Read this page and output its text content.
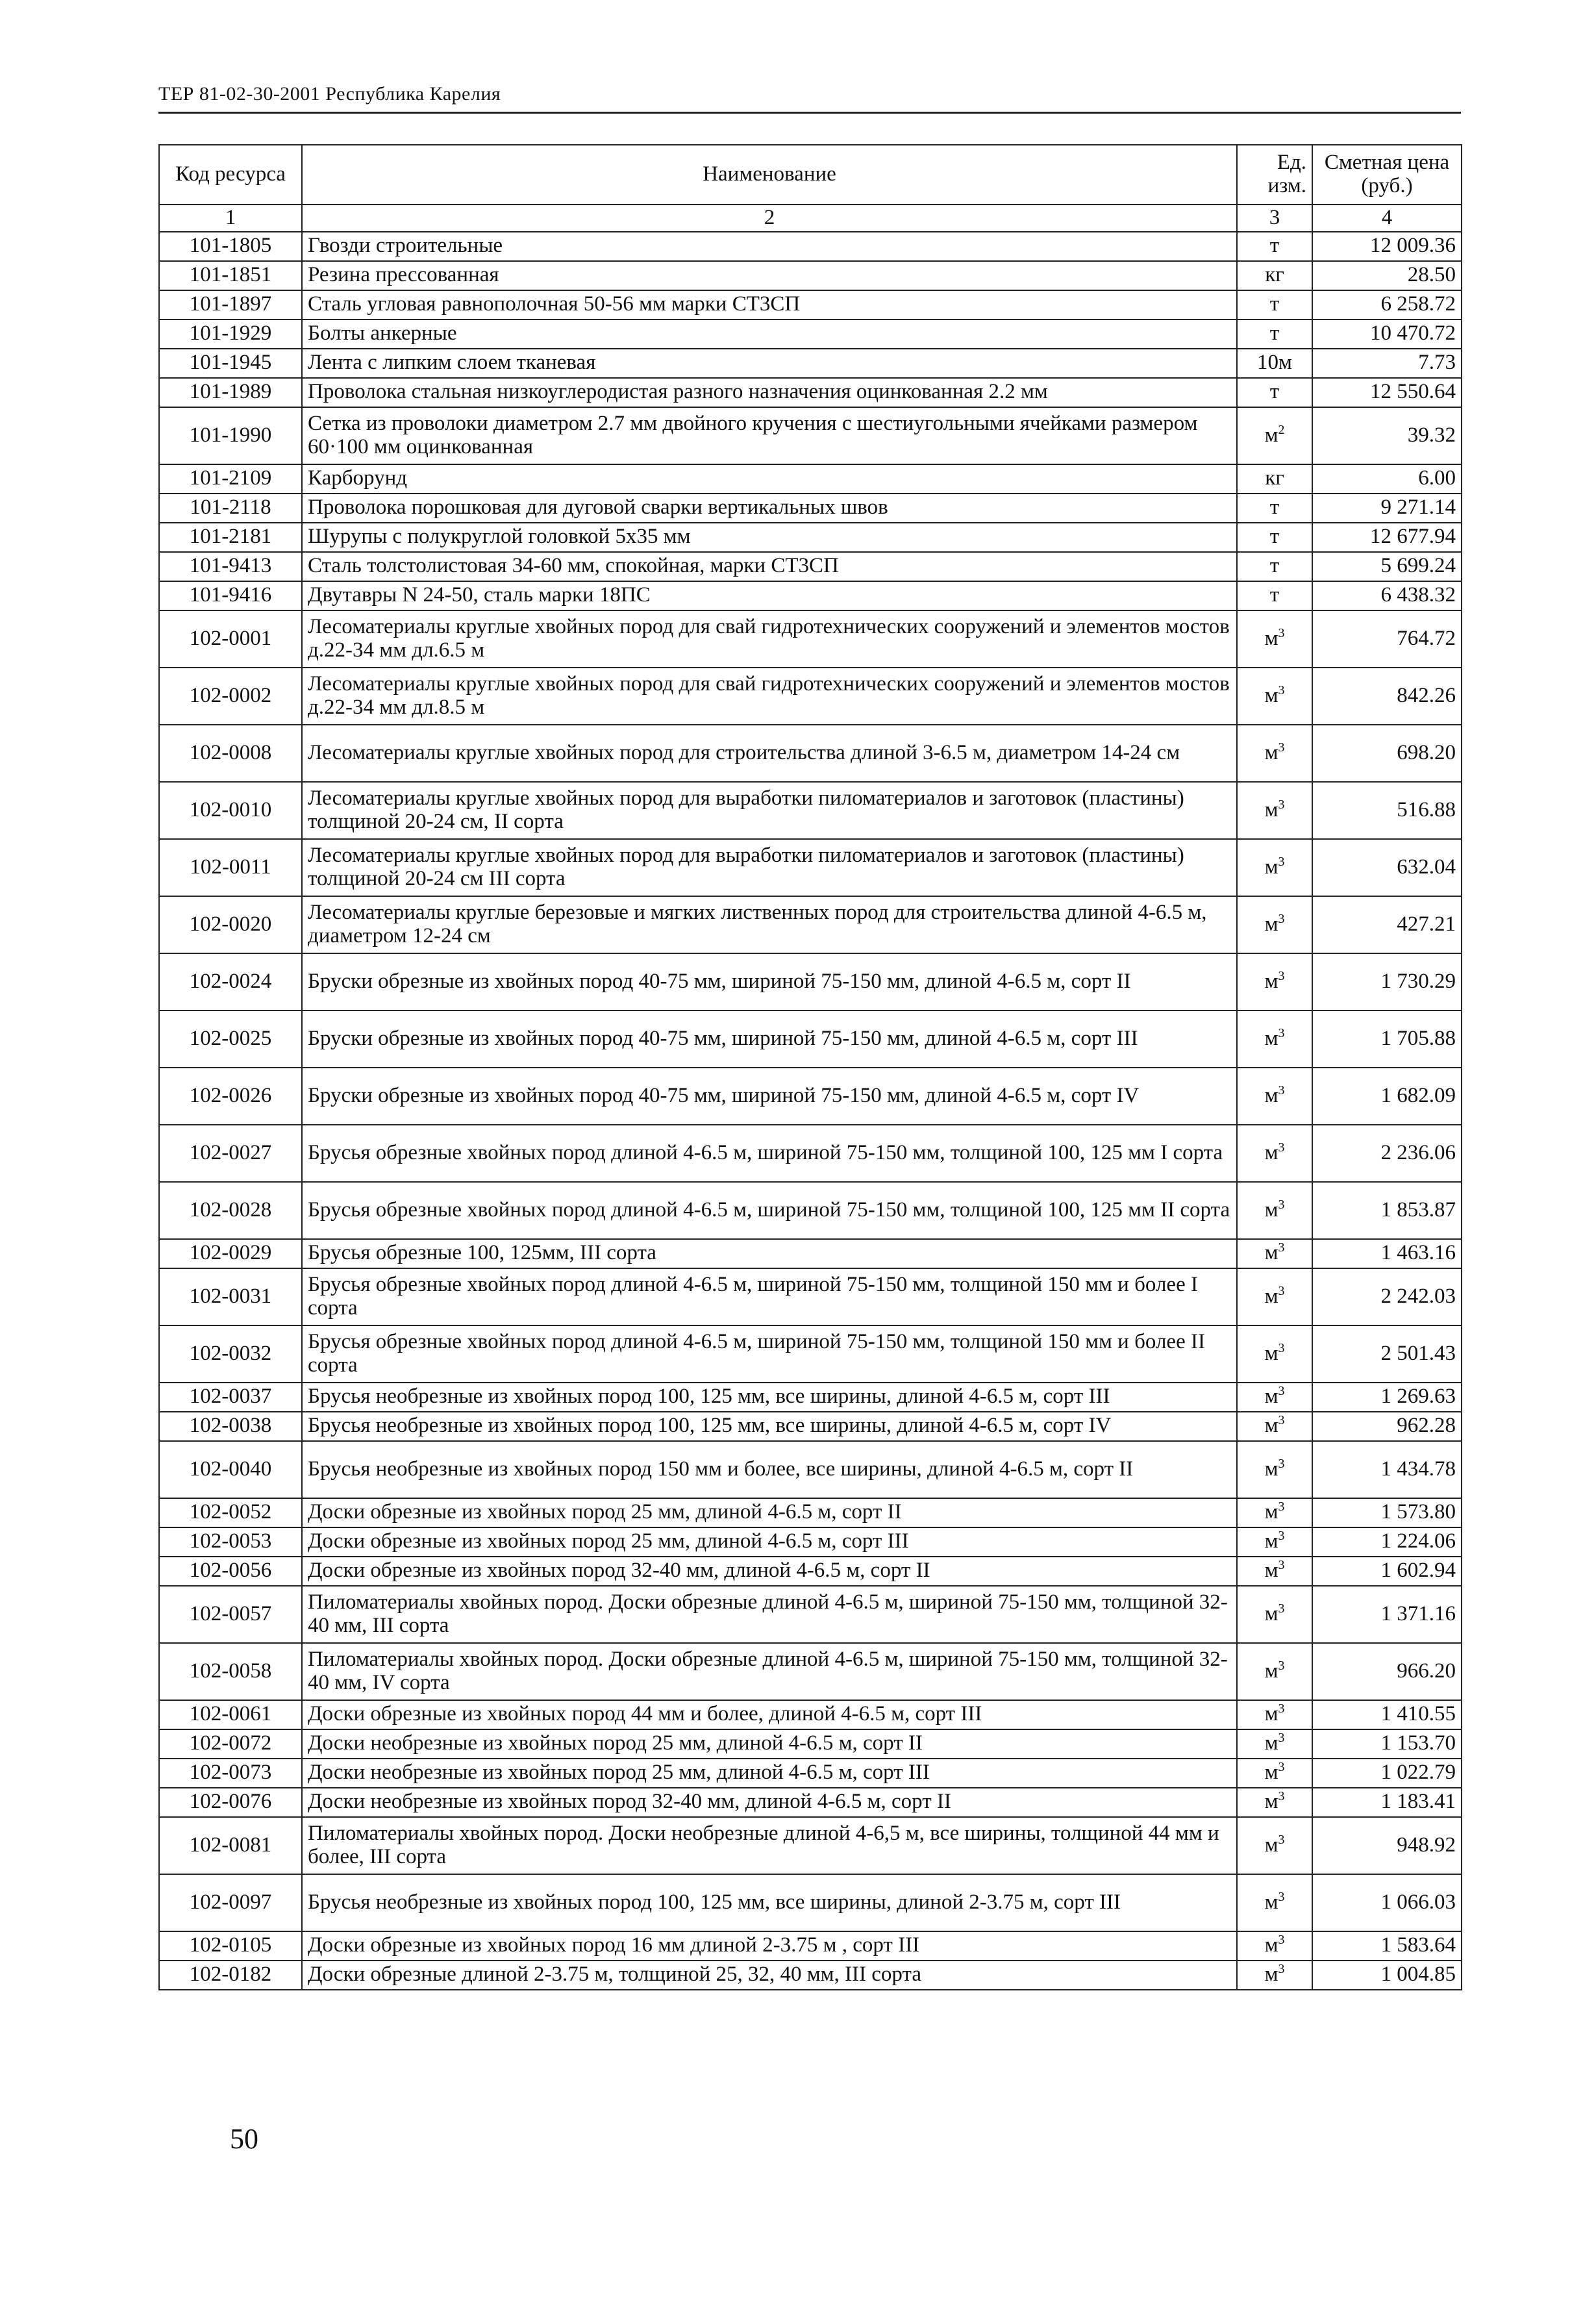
ТЕР 81-02-30-2001 Республика Карелия
Код ресурса	Наименование	Ед. изм.	Сметная цена (руб.)
1	2	3	4
101-1805	Гвозди строительные	т	12 009.36
101-1851	Резина прессованная	кг	28.50
101-1897	Сталь угловая равнополочная 50-56 мм марки СТ3СП	т	6 258.72
101-1929	Болты анкерные	т	10 470.72
101-1945	Лента с липким слоем тканевая	10м	7.73
101-1989	Проволока стальная низкоуглеродистая разного назначения оцинкованная 2.2 мм	т	12 550.64
101-1990	Сетка из проволоки диаметром 2.7 мм двойного кручения с шестиугольными ячейками размером 60·100 мм оцинкованная	$м^2$	39.32
101-2109	Карборунд	кг	6.00
101-2118	Проволока порошковая для дуговой сварки вертикальных швов	т	9 271.14
101-2181	Шурупы с полукруглой головкой 5х35 мм	т	12 677.94
101-9413	Сталь толстолистовая 34-60 мм, спокойная, марки СТ3СП	т	5 699.24
101-9416	Двутавры N 24-50, сталь марки 18ПС	т	6 438.32
102-0001	Лесоматериалы круглые хвойных пород для свай гидротехнических сооружений и элементов мостов д.22-34 мм дл.6.5 м	$м^3$	764.72
102-0002	Лесоматериалы круглые хвойных пород для свай гидротехнических сооружений и элементов мостов д.22-34 мм дл.8.5 м	$м^3$	842.26
102-0008	Лесоматериалы круглые хвойных пород для строительства длиной 3-6.5 м, диаметром 14-24 см	$м^3$	698.20
102-0010	Лесоматериалы круглые хвойных пород для выработки пиломатериалов и заготовок (пластины) толщиной 20-24 см, II сорта	$м^3$	516.88
102-0011	Лесоматериалы круглые хвойных пород для выработки пиломатериалов и заготовок (пластины) толщиной 20-24 см III сорта	$м^3$	632.04
102-0020	Лесоматериалы круглые березовые и мягких лиственных пород для строительства длиной 4-6.5 м, диаметром 12-24 см	$м^3$	427.21
102-0024	Бруски обрезные из хвойных пород 40-75 мм, шириной 75-150 мм, длиной 4-6.5 м, сорт II	$м^3$	1 730.29
102-0025	Бруски обрезные из хвойных пород 40-75 мм, шириной 75-150 мм, длиной 4-6.5 м, сорт III	$м^3$	1 705.88
102-0026	Бруски обрезные из хвойных пород 40-75 мм, шириной 75-150 мм, длиной 4-6.5 м, сорт IV	$м^3$	1 682.09
102-0027	Брусья обрезные хвойных пород длиной 4-6.5 м, шириной 75-150 мм, толщиной 100, 125 мм I сорта	$м^3$	2 236.06
102-0028	Брусья обрезные хвойных пород длиной 4-6.5 м, шириной 75-150 мм, толщиной 100, 125 мм II сорта	$м^3$	1 853.87
102-0029	Брусья обрезные 100, 125мм, III сорта	$м^3$	1 463.16
102-0031	Брусья обрезные хвойных пород длиной 4-6.5 м, шириной 75-150 мм, толщиной 150 мм и более I сорта	$м^3$	2 242.03
102-0032	Брусья обрезные хвойных пород длиной 4-6.5 м, шириной 75-150 мм, толщиной 150 мм и более II сорта	$м^3$	2 501.43
102-0037	Брусья необрезные из хвойных пород 100, 125 мм, все ширины, длиной 4-6.5 м, сорт III	$м^3$	1 269.63
102-0038	Брусья необрезные из хвойных пород 100, 125 мм, все ширины, длиной 4-6.5 м, сорт IV	$м^3$	962.28
102-0040	Брусья необрезные из хвойных пород 150 мм и более, все ширины, длиной 4-6.5 м, сорт II	$м^3$	1 434.78
102-0052	Доски обрезные из хвойных пород 25 мм, длиной 4-6.5 м, сорт II	$м^3$	1 573.80
102-0053	Доски обрезные из хвойных пород 25 мм, длиной 4-6.5 м, сорт III	$м^3$	1 224.06
102-0056	Доски обрезные из хвойных пород 32-40 мм, длиной 4-6.5 м, сорт II	$м^3$	1 602.94
102-0057	Пиломатериалы хвойных пород. Доски обрезные длиной 4-6.5 м, шириной 75-150 мм, толщиной 32-40 мм, III сорта	$м^3$	1 371.16
102-0058	Пиломатериалы хвойных пород. Доски обрезные длиной 4-6.5 м, шириной 75-150 мм, толщиной 32-40 мм, IV сорта	$м^3$	966.20
102-0061	Доски обрезные из хвойных пород 44 мм и более, длиной 4-6.5 м, сорт III	$м^3$	1 410.55
102-0072	Доски необрезные из хвойных пород 25 мм, длиной 4-6.5 м, сорт II	$м^3$	1 153.70
102-0073	Доски необрезные из хвойных пород 25 мм, длиной 4-6.5 м, сорт III	$м^3$	1 022.79
102-0076	Доски необрезные из хвойных пород 32-40 мм, длиной 4-6.5 м, сорт II	$м^3$	1 183.41
102-0081	Пиломатериалы хвойных пород. Доски необрезные длиной 4-6,5 м, все ширины, толщиной 44 мм и более, III сорта	$м^3$	948.92
102-0097	Брусья необрезные из хвойных пород 100, 125 мм, все ширины, длиной 2-3.75 м, сорт III	$м^3$	1 066.03
102-0105	Доски обрезные из хвойных пород 16 мм длиной 2-3.75 м , сорт III	$м^3$	1 583.64
102-0182	Доски обрезные длиной 2-3.75 м, толщиной 25, 32, 40 мм, III сорта	$м^3$	1 004.85
50
